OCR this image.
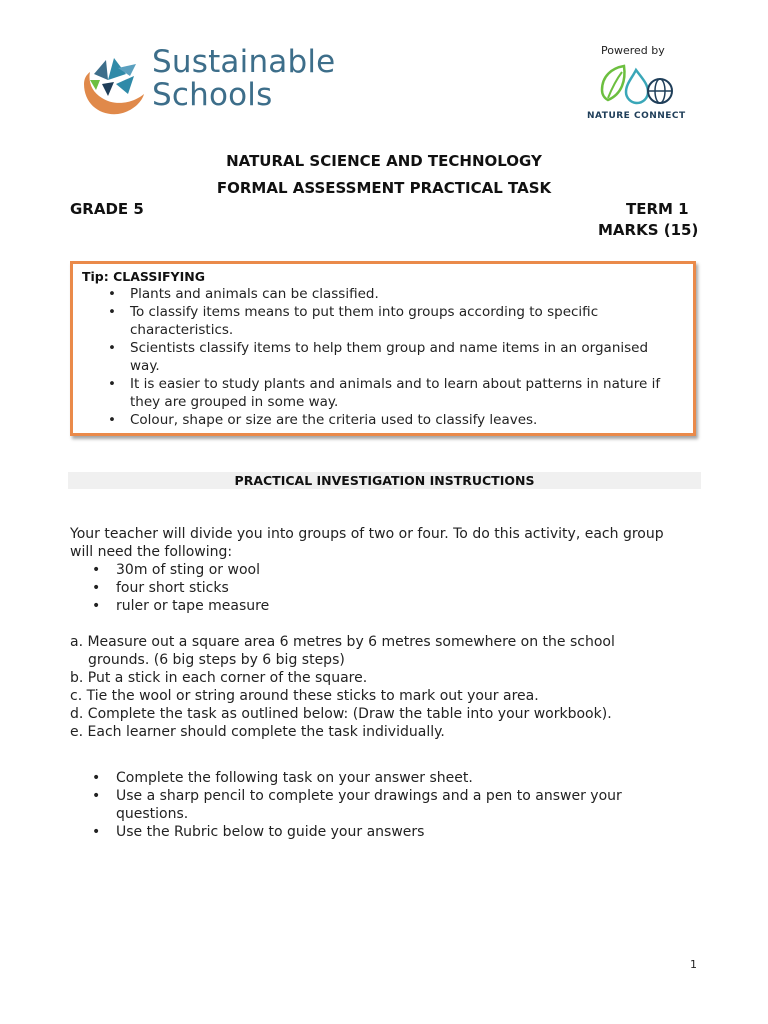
Sustainable
Schools
Powered by
NATURE CONNECT
NATURAL SCIENCE AND TECHNOLOGY
FORMAL ASSESSMENT PRACTICAL TASK
GRADE 5	TERM 1
MARKS (15)
Tip: CLASSIFYING
• Plants and animals can be classified.
• To classify items means to put them into groups according to specific characteristics.
• Scientists classify items to help them group and name items in an organised way.
• It is easier to study plants and animals and to learn about patterns in nature if they are grouped in some way.
• Colour, shape or size are the criteria used to classify leaves.
PRACTICAL INVESTIGATION INSTRUCTIONS
Your teacher will divide you into groups of two or four. To do this activity, each group will need the following:
• 30m of sting or wool
• four short sticks
• ruler or tape measure
a. Measure out a square area 6 metres by 6 metres somewhere on the school grounds. (6 big steps by 6 big steps)
b. Put a stick in each corner of the square.
c. Tie the wool or string around these sticks to mark out your area.
d. Complete the task as outlined below: (Draw the table into your workbook).
e. Each learner should complete the task individually.
• Complete the following task on your answer sheet.
• Use a sharp pencil to complete your drawings and a pen to answer your questions.
• Use the Rubric below to guide your answers
1
